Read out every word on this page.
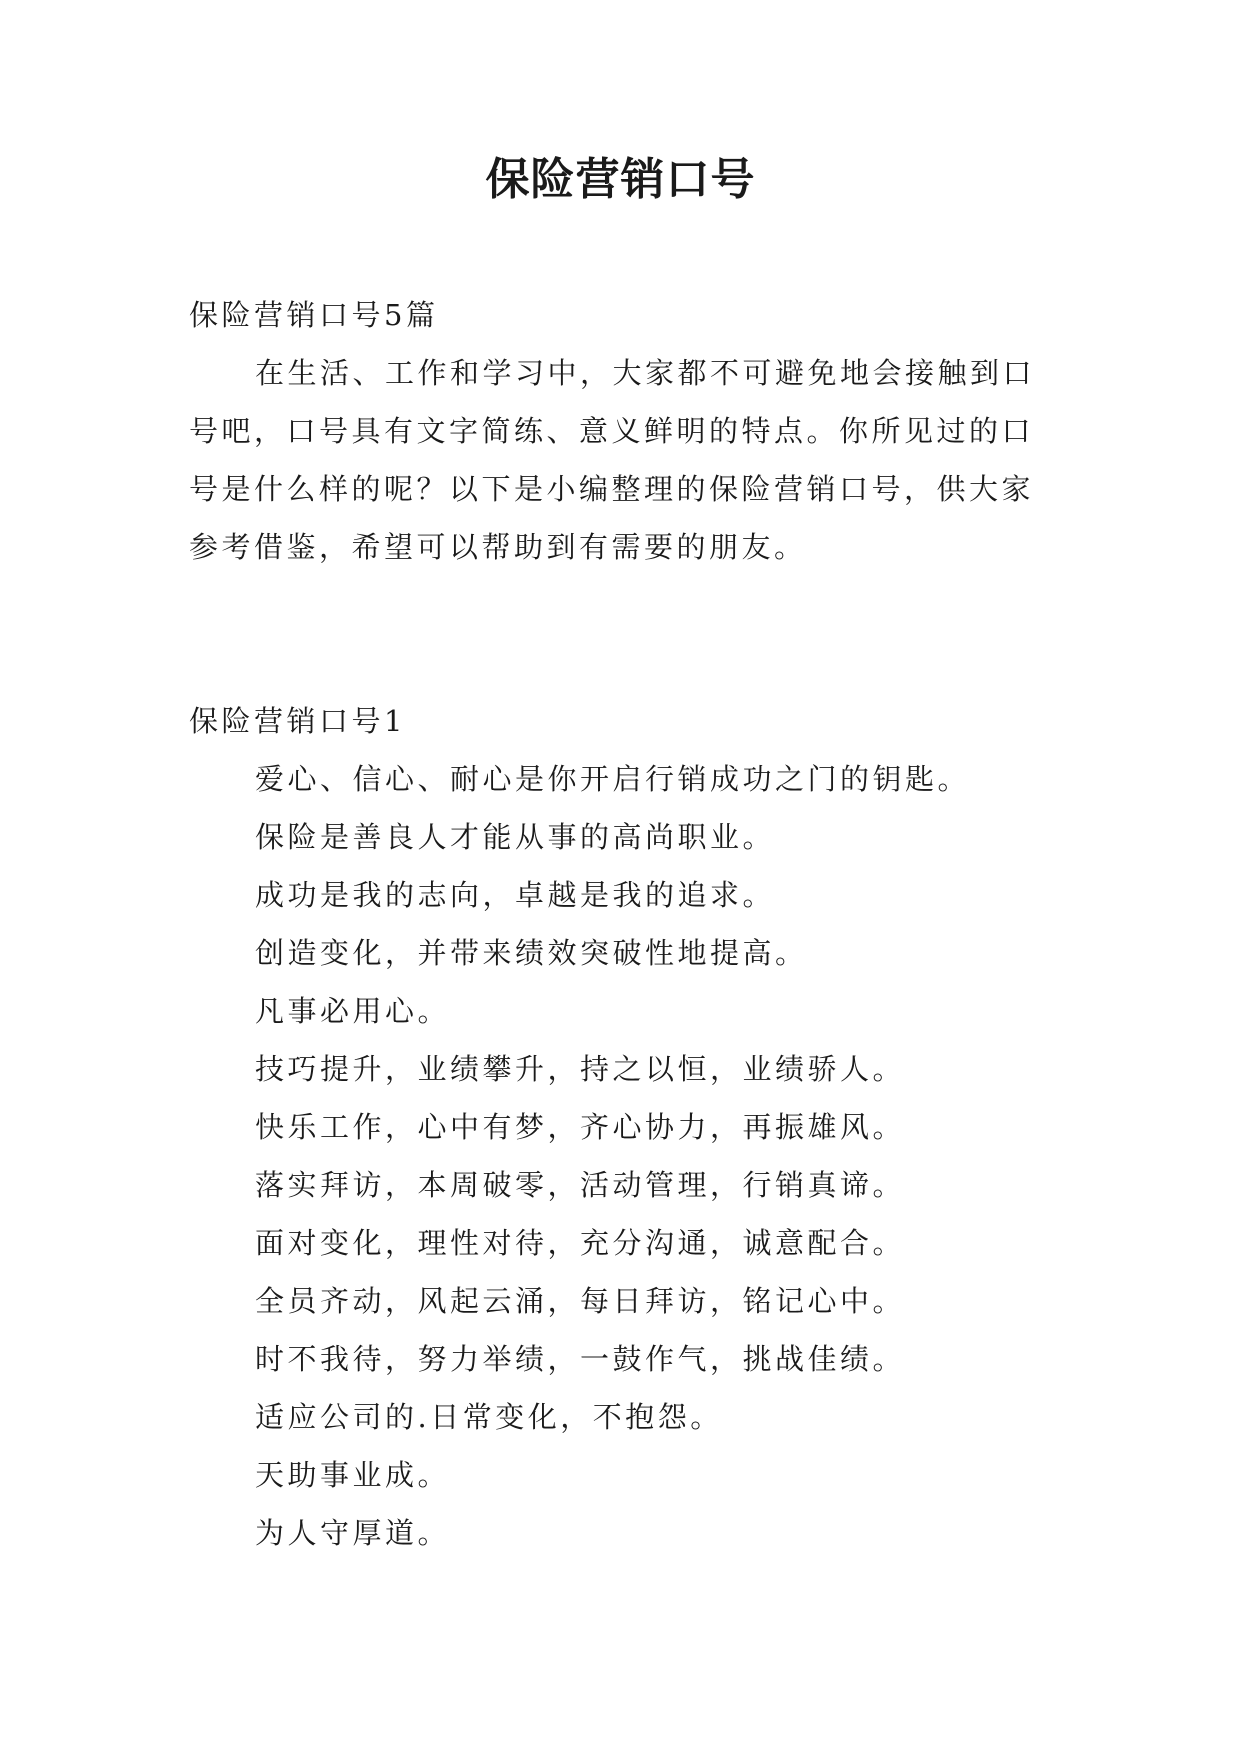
保险营销口号

保险营销口号5篇

在生活、工作和学习中，大家都不可避免地会接触到口号吧，口号具有文字简练、意义鲜明的特点。你所见过的口号是什么样的呢？以下是小编整理的保险营销口号，供大家参考借鉴，希望可以帮助到有需要的朋友。

保险营销口号1

爱心、信心、耐心是你开启行销成功之门的钥匙。

保险是善良人才能从事的高尚职业。

成功是我的志向，卓越是我的追求。

创造变化，并带来绩效突破性地提高。

凡事必用心。

技巧提升，业绩攀升，持之以恒，业绩骄人。

快乐工作，心中有梦，齐心协力，再振雄风。

落实拜访，本周破零，活动管理，行销真谛。

面对变化，理性对待，充分沟通，诚意配合。

全员齐动，风起云涌，每日拜访，铭记心中。

时不我待，努力举绩，一鼓作气，挑战佳绩。

适应公司的.日常变化，不抱怨。

天助事业成。

为人守厚道。
